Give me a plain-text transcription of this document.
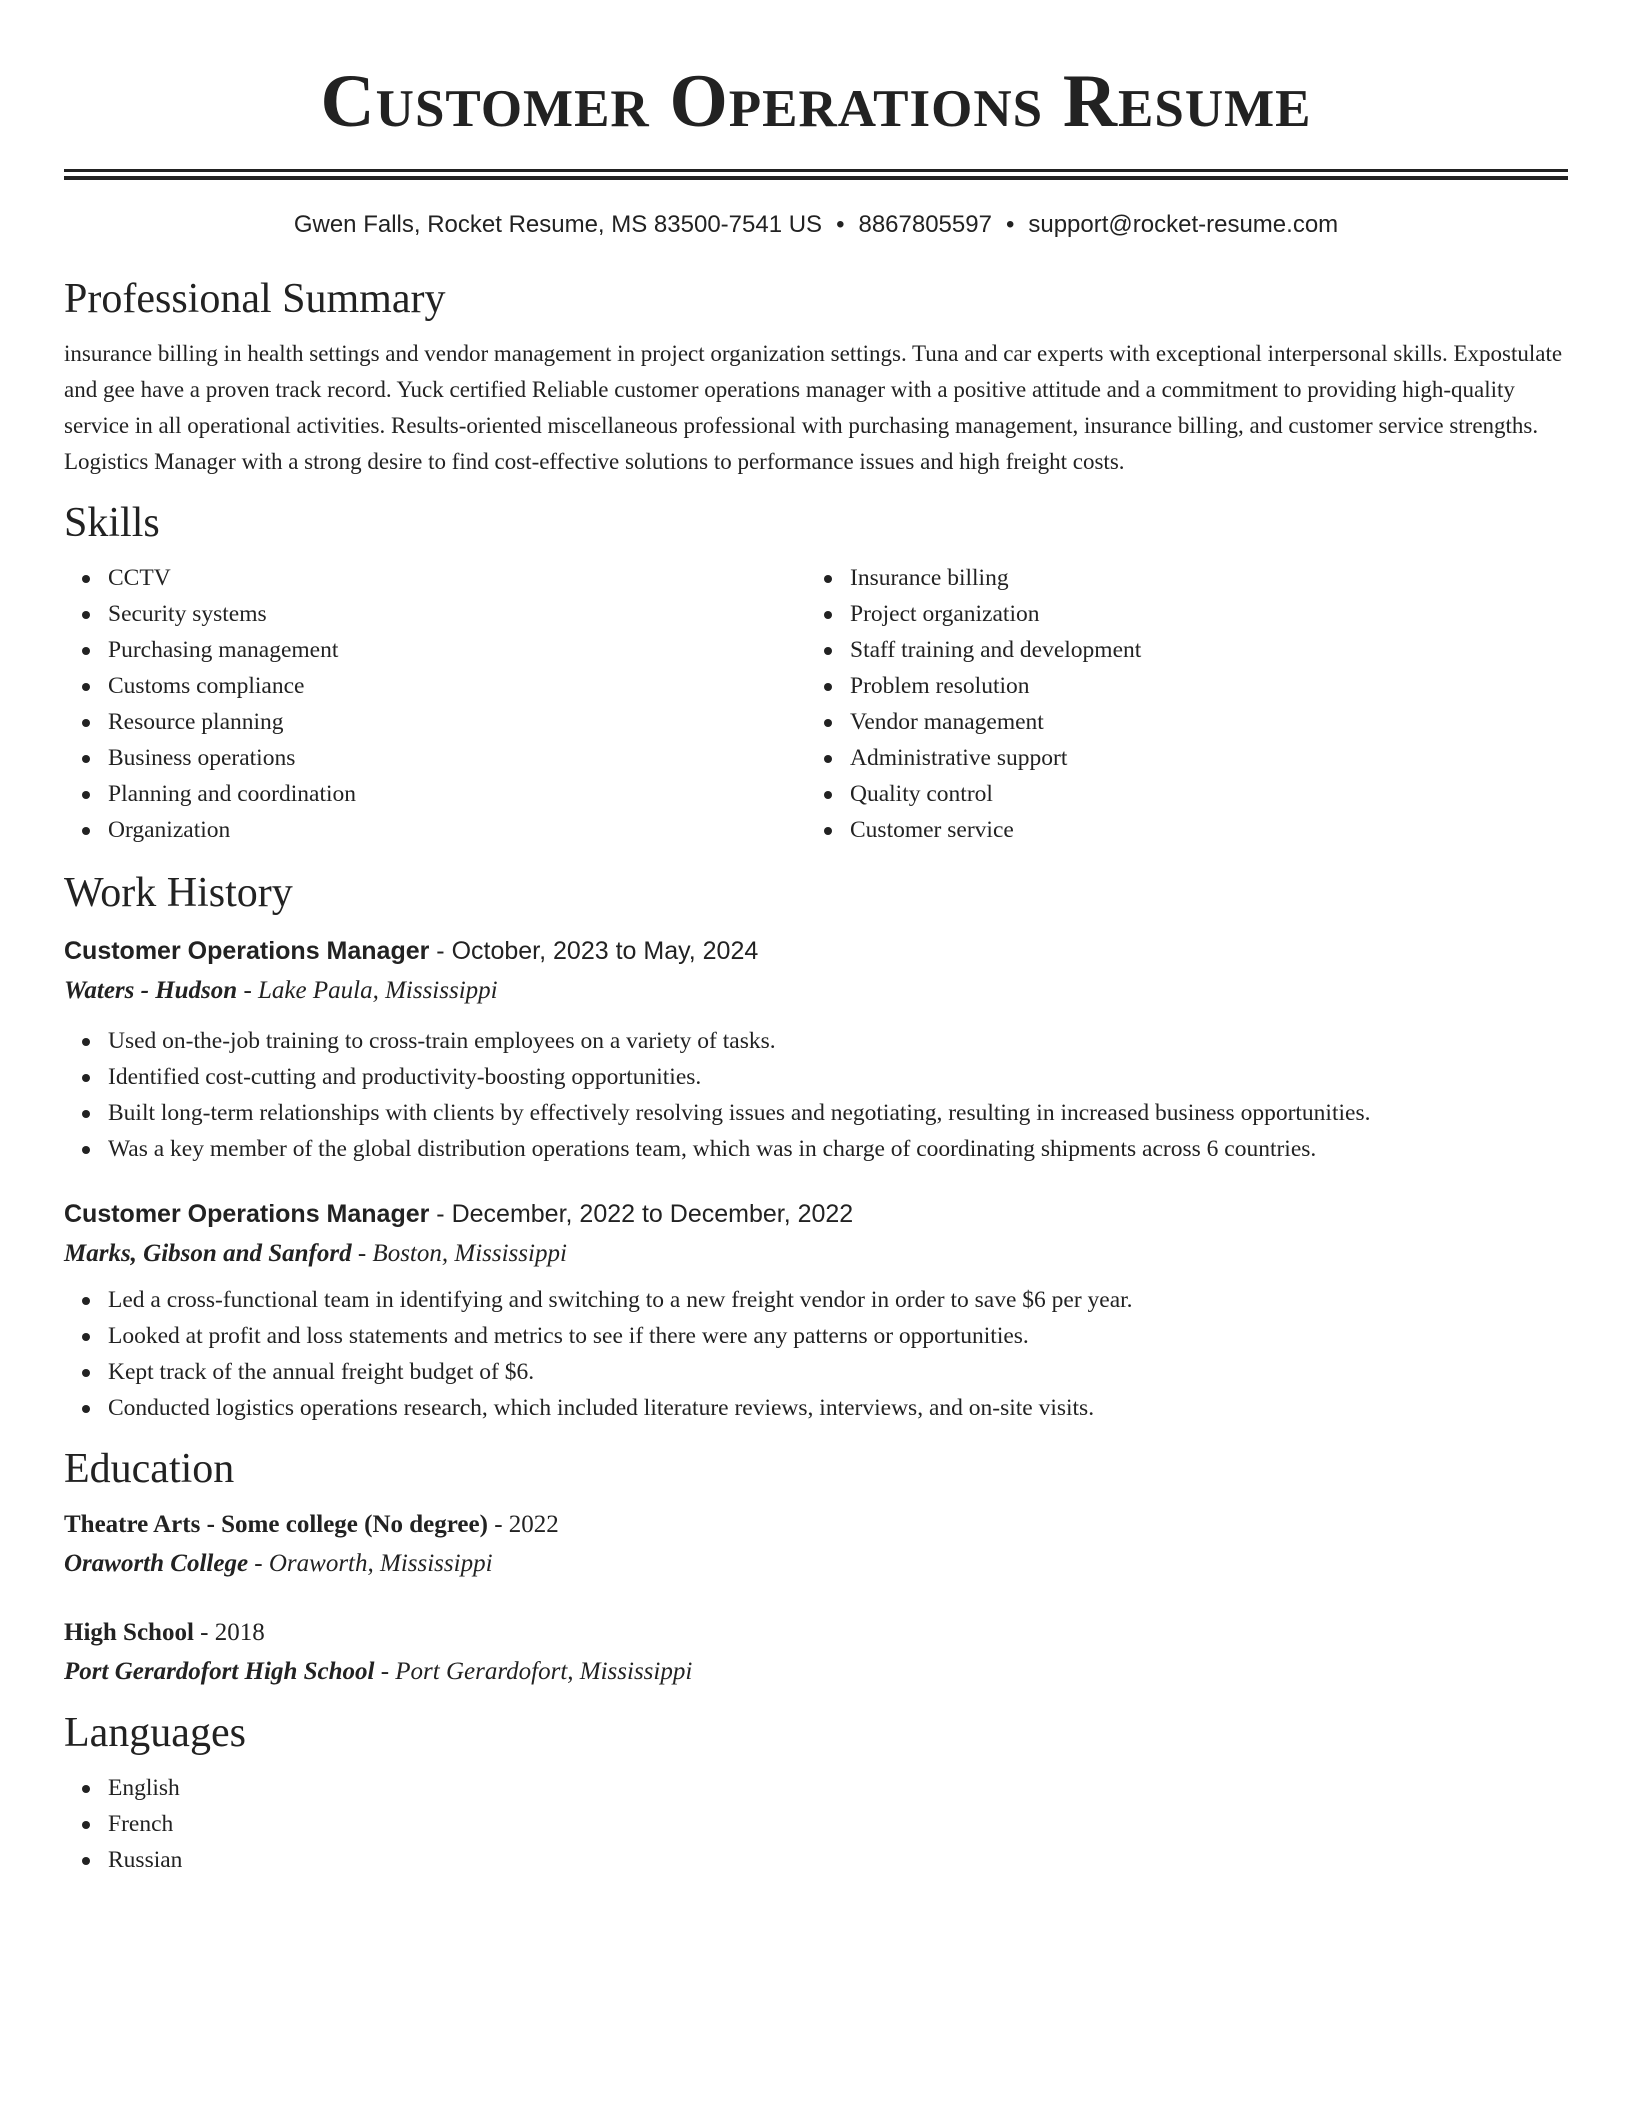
Customer Operations Resume
Gwen Falls, Rocket Resume, MS 83500-7541 US • 8867805597 • support@rocket-resume.com
Professional Summary

insurance billing in health settings and vendor management in project organization settings. Tuna and car experts with exceptional interpersonal skills. Expostulate and gee have a proven track record. Yuck certified Reliable customer operations manager with a positive attitude and a commitment to providing high-quality service in all operational activities. Results-oriented miscellaneous professional with purchasing management, insurance billing, and customer service strengths. Logistics Manager with a strong desire to find cost-effective solutions to performance issues and high freight costs.

Skills
CCTV
Security systems
Purchasing management
Customs compliance
Resource planning
Business operations
Planning and coordination
Organization
Insurance billing
Project organization
Staff training and development
Problem resolution
Vendor management
Administrative support
Quality control
Customer service
Work History
Customer Operations Manager - October, 2023 to May, 2024
Waters - Hudson - Lake Paula, Mississippi
Used on-the-job training to cross-train employees on a variety of tasks.
Identified cost-cutting and productivity-boosting opportunities.
Built long-term relationships with clients by effectively resolving issues and negotiating, resulting in increased business opportunities.
Was a key member of the global distribution operations team, which was in charge of coordinating shipments across 6 countries.
Customer Operations Manager - December, 2022 to December, 2022
Marks, Gibson and Sanford - Boston, Mississippi
Led a cross-functional team in identifying and switching to a new freight vendor in order to save $6 per year.
Looked at profit and loss statements and metrics to see if there were any patterns or opportunities.
Kept track of the annual freight budget of $6.
Conducted logistics operations research, which included literature reviews, interviews, and on-site visits.
Education
Theatre Arts - Some college (No degree) - 2022
Oraworth College - Oraworth, Mississippi
High School - 2018
Port Gerardofort High School - Port Gerardofort, Mississippi
Languages
English
French
Russian
